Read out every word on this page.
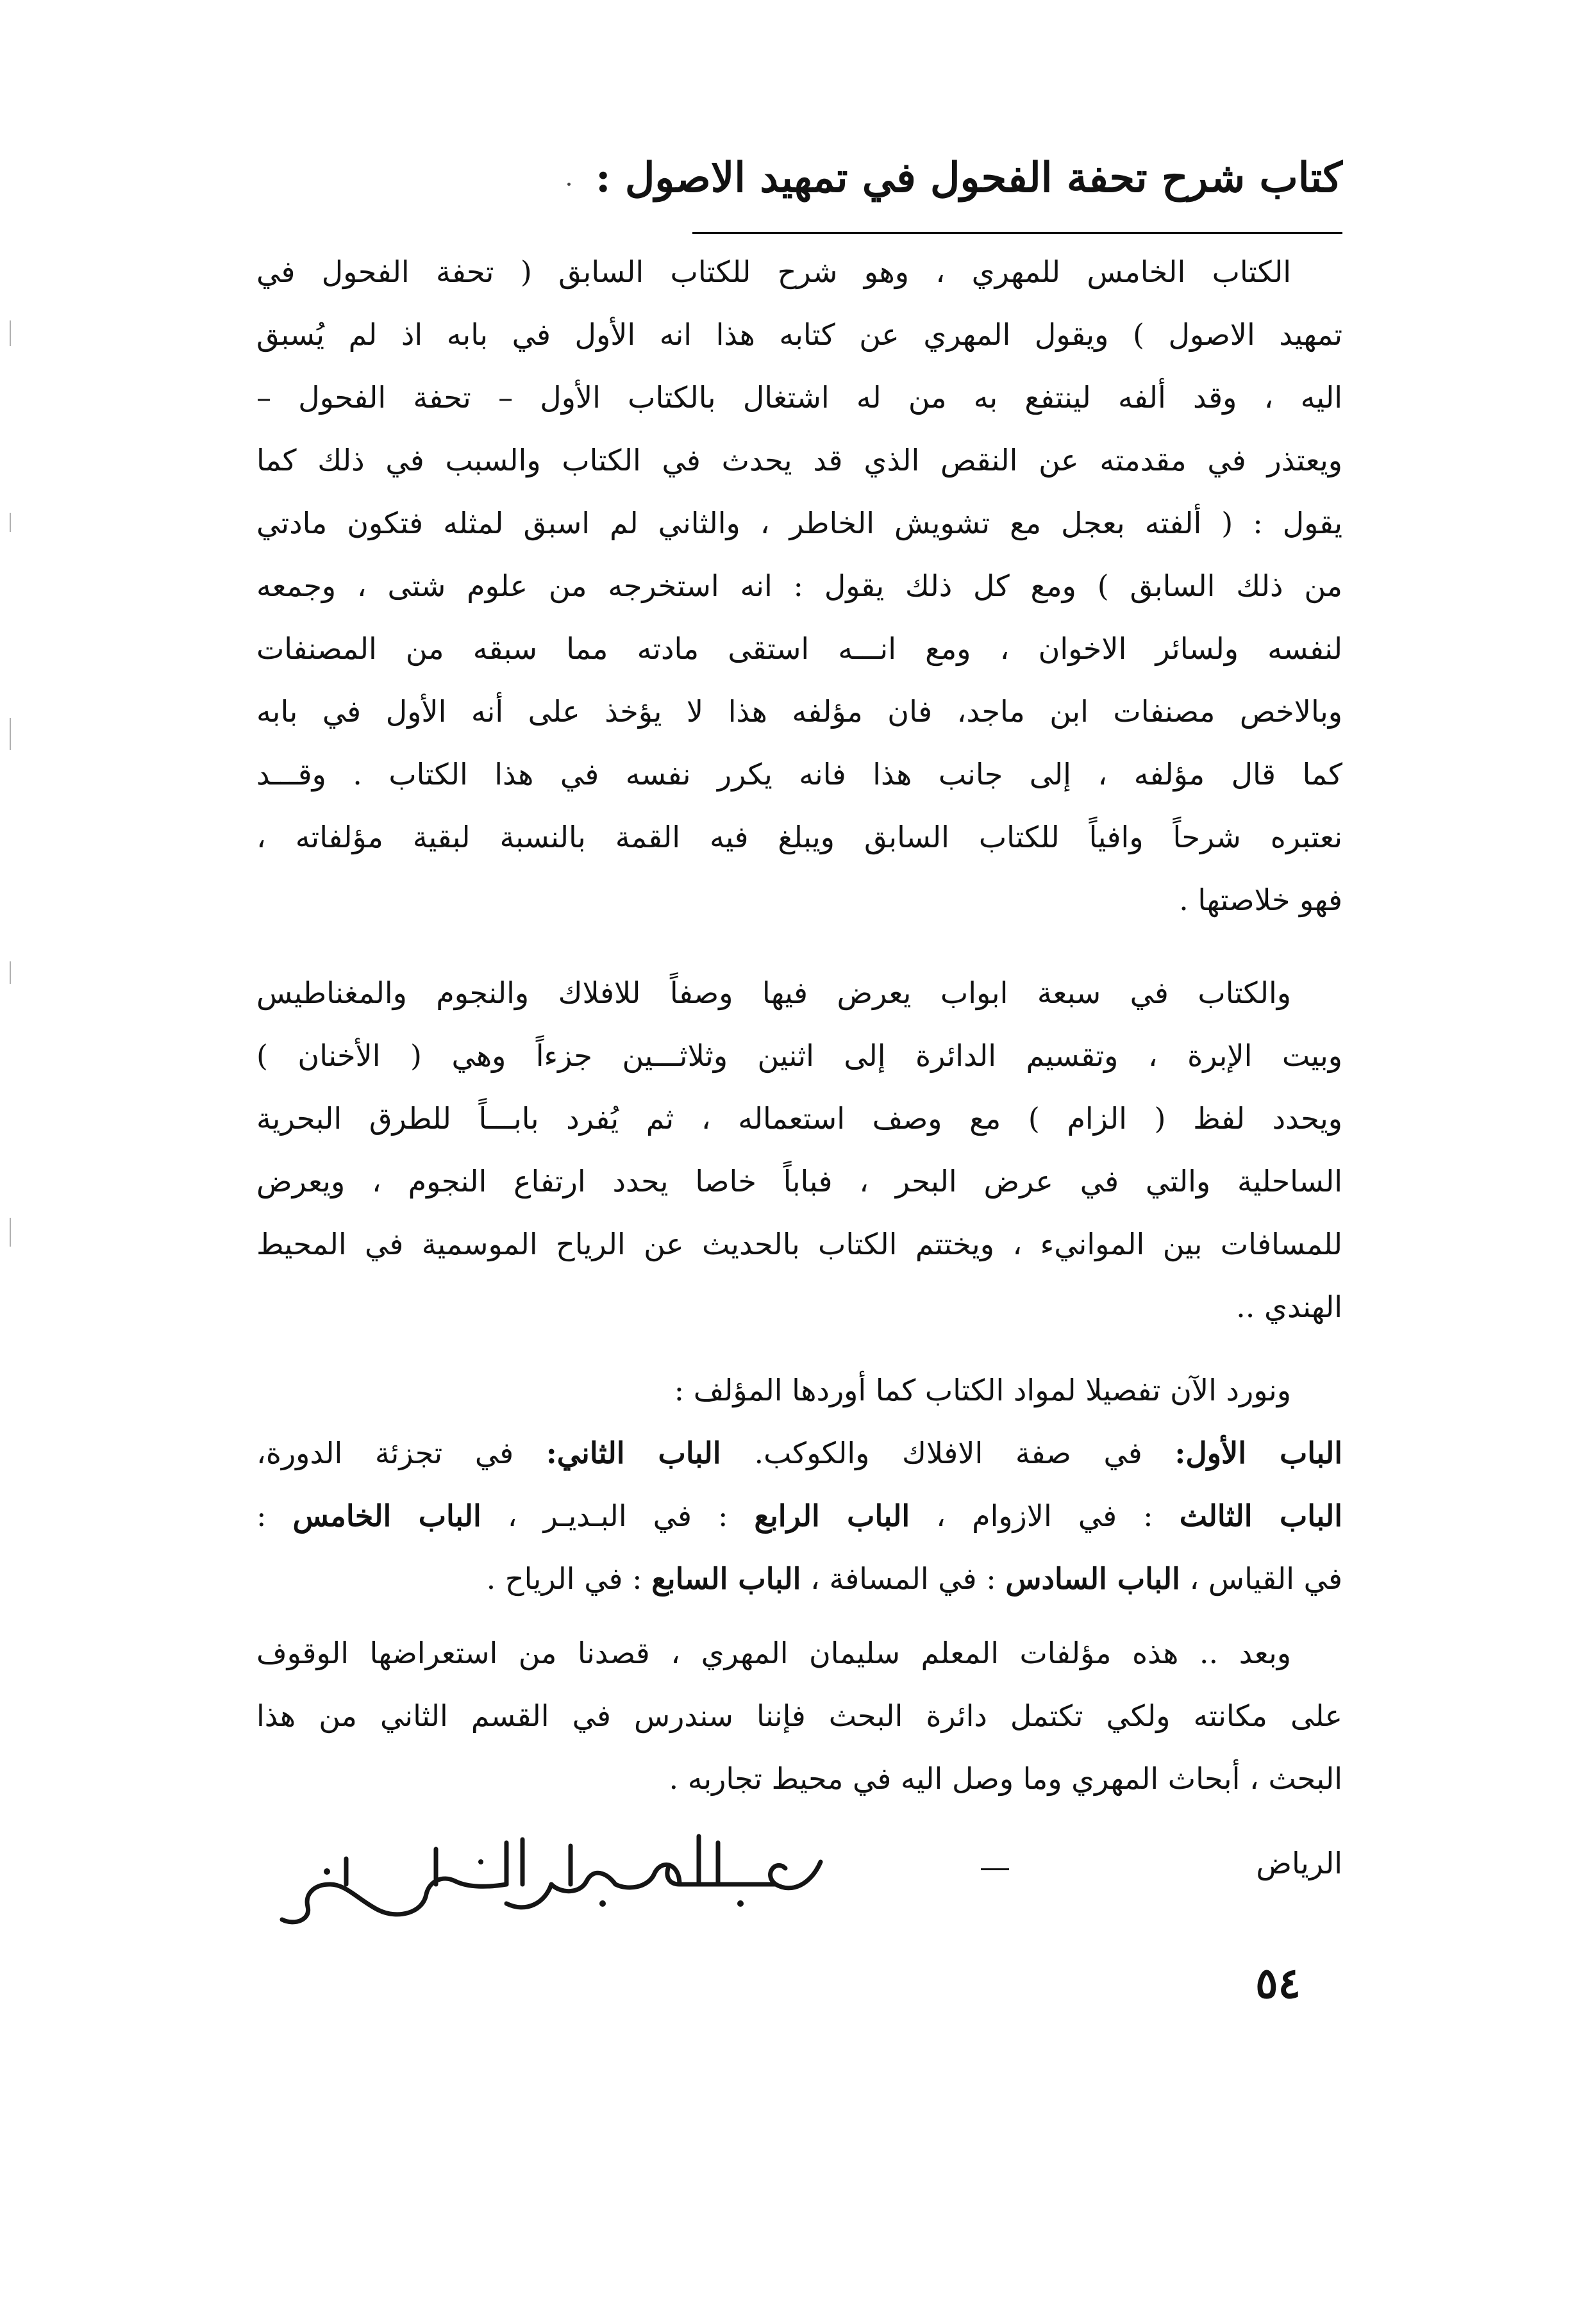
كتاب شرح تحفة الفحول في تمهيد الاصول :
الكتاب الخامس للمهري ، وهو شرح للكتاب السابق ( تحفة الفحول في
تمهيد الاصول ) ويقول المهري عن كتابه هذا انه الأول في بابه اذ لم يُسبق
اليه ، وقد ألفه لينتفع به من له اشتغال بالكتاب الأول – تحفة الفحول –
ويعتذر في مقدمته عن النقص الذي قد يحدث في الكتاب والسبب في ذلك كما
يقول : ( ألفته بعجل مع تشويش الخاطر ، والثاني لم اسبق لمثله فتكون مادتي
من ذلك السابق ) ومع كل ذلك يقول : انه استخرجه من علوم شتى ، وجمعه
لنفسه ولسائر الاخوان ، ومع انـــه استقى مادته مما سبقه من المصنفات
وبالاخص مصنفات ابن ماجد، فان مؤلفه هذا لا يؤخذ على أنه الأول في بابه
كما قال مؤلفه ، إلى جانب هذا فانه يكرر نفسه في هذا الكتاب . وقـــد
نعتبره شرحاً وافياً للكتاب السابق ويبلغ فيه القمة بالنسبة لبقية مؤلفاته ،
فهو خلاصتها .
والكتاب في سبعة ابواب يعرض فيها وصفاً للافلاك والنجوم والمغناطيس
وبيت الإبرة ، وتقسيم الدائرة إلى اثنين وثلاثـــين جزءاً وهي ( الأخنان )
ويحدد لفظ ( الزام ) مع وصف استعماله ، ثم يُفرد بابـــاً للطرق البحرية
الساحلية والتي في عرض البحر ، فباباً خاصا يحدد ارتفاع النجوم ، ويعرض
للمسافات بين الموانيء ، ويختتم الكتاب بالحديث عن الرياح الموسمية في المحيط
الهندي ..
ونورد الآن تفصيلا لمواد الكتاب كما أوردها المؤلف :
الباب الأول: في صفة الافلاك والكوكب. الباب الثاني: في تجزئة الدورة،
الباب الثالث : في الازوام ، الباب الرابع : في البـديـر ، الباب الخامس :
في القياس ، الباب السادس : في المسافة ، الباب السابع : في الرياح .
وبعد .. هذه مؤلفات المعلم سليمان المهري ، قصدنا من استعراضها الوقوف
على مكانته ولكي تكتمل دائرة البحث فإننا سندرس في القسم الثاني من هذا
البحث ، أبحاث المهري وما وصل اليه في محيط تجاربه .
الرياض
٥٤
